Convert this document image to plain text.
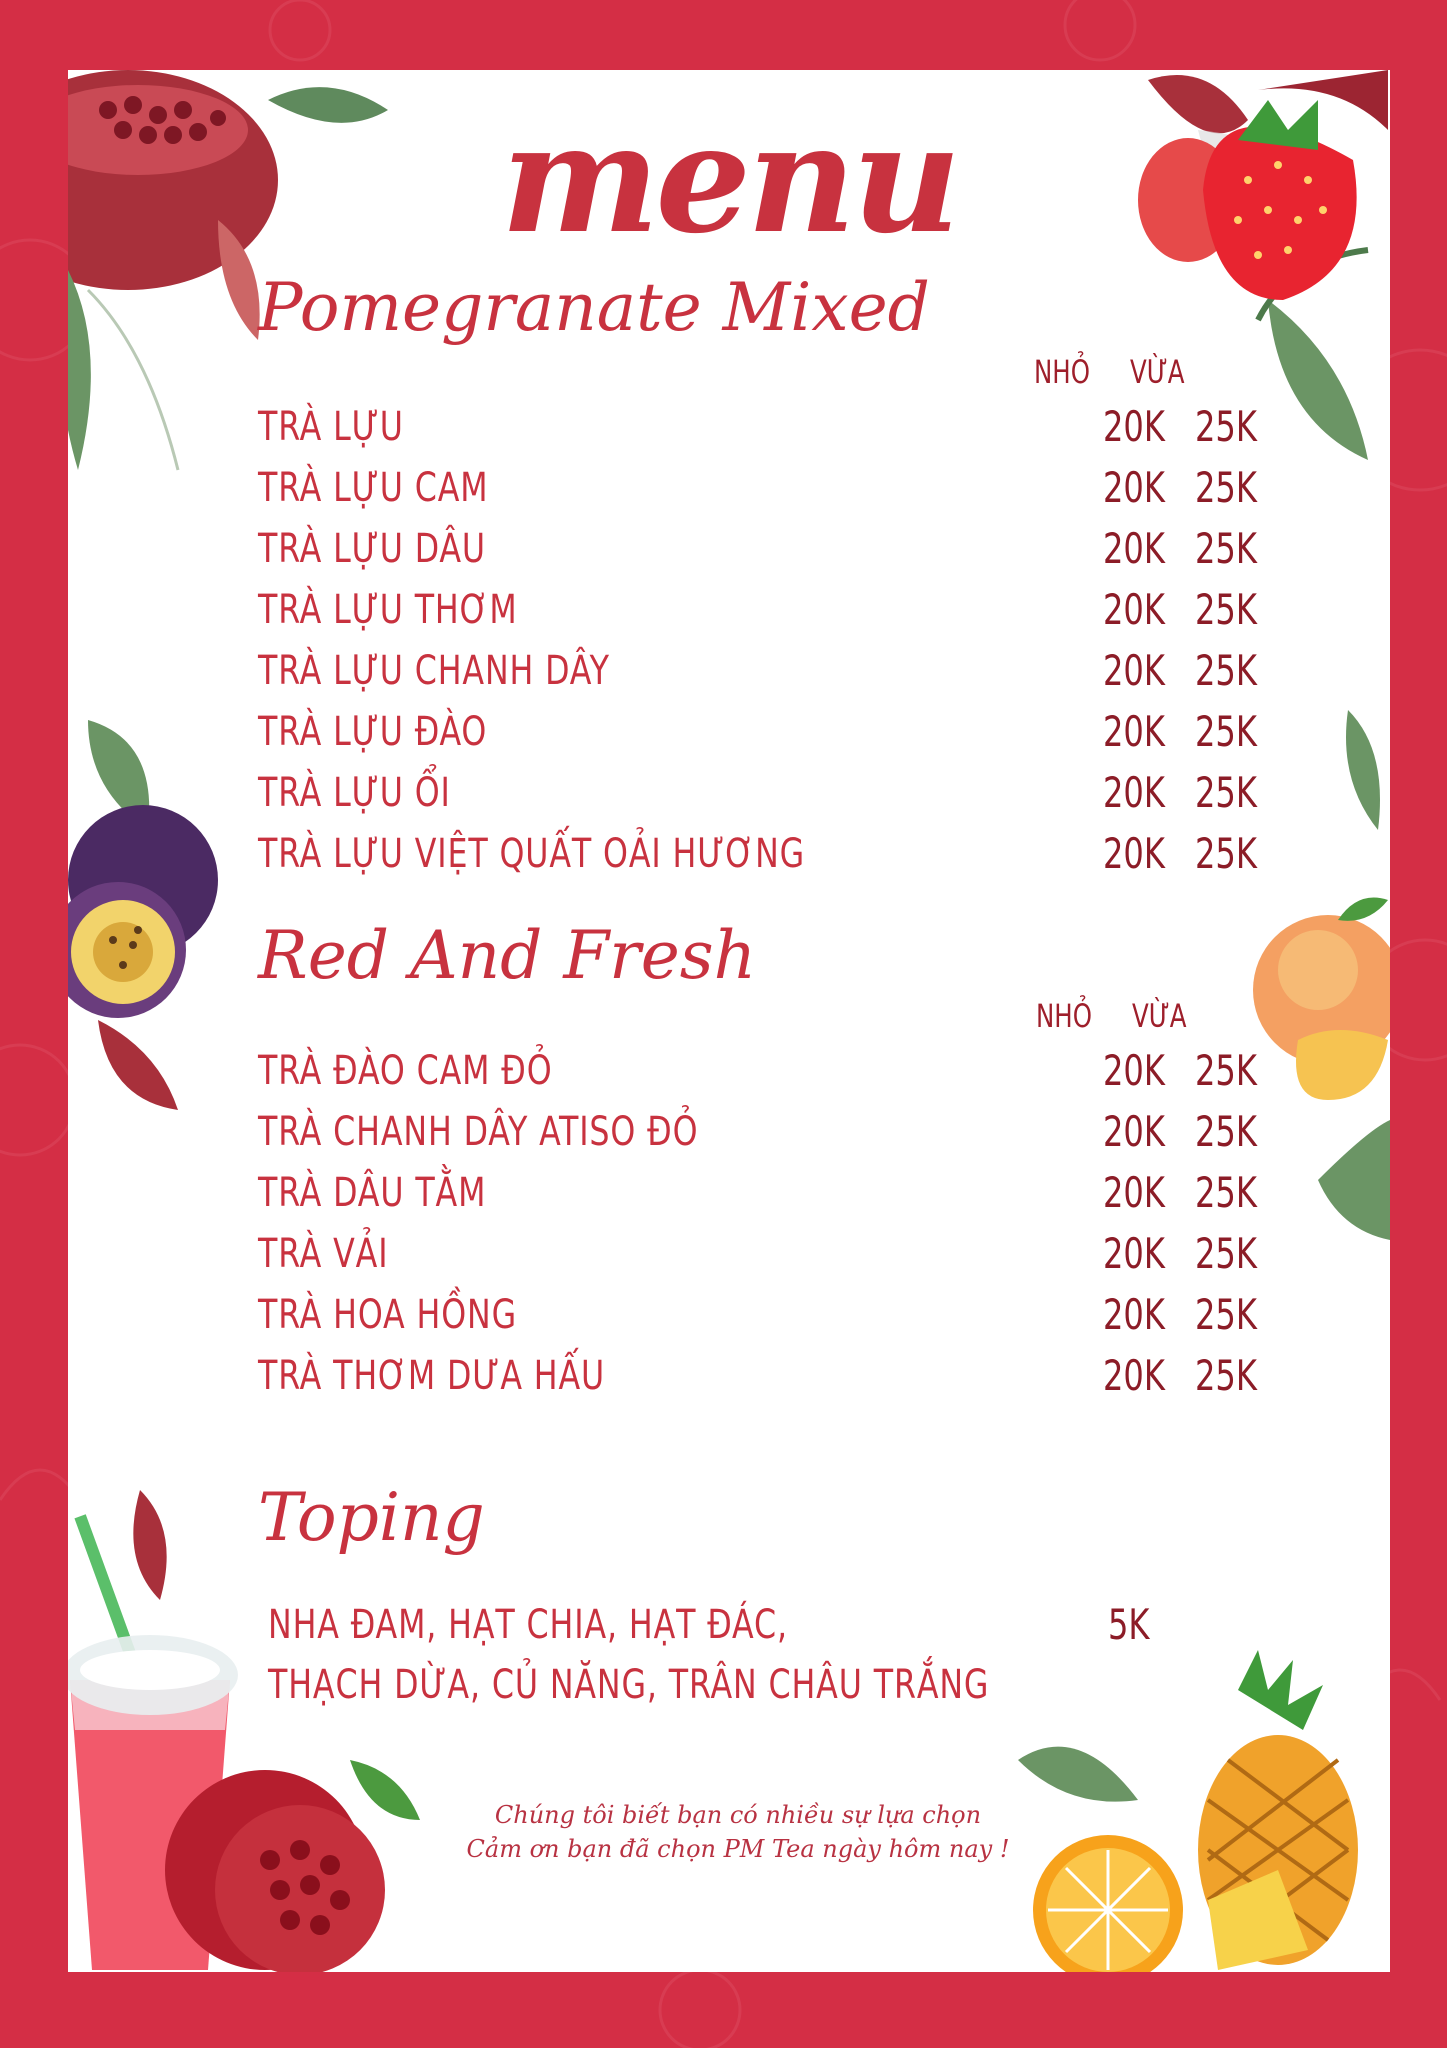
menu
Pomegranate Mixed
NHỎ VỪA
TRÀ LỰU	20K 25K
TRÀ LỰU CAM	20K 25K
TRÀ LỰU DÂU	20K 25K
TRÀ LỰU THƠM	20K 25K
TRÀ LỰU CHANH DÂY	20K 25K
TRÀ LỰU ĐÀO	20K 25K
TRÀ LỰU ỔI	20K 25K
TRÀ LỰU VIỆT QUẤT OẢI HƯƠNG	20K 25K
Red And Fresh
NHỎ VỪA
TRÀ ĐÀO CAM ĐỎ	20K 25K
TRÀ CHANH DÂY ATISO ĐỎ	20K 25K
TRÀ DÂU TẰM	20K 25K
TRÀ VẢI	20K 25K
TRÀ HOA HỒNG	20K 25K
TRÀ THƠM DƯA HẤU	20K 25K
Toping
NHA ĐAM, HẠT CHIA, HẠT ĐÁC,
THẠCH DỪA, CỦ NĂNG, TRÂN CHÂU TRẮNG
5K
Chúng tôi biết bạn có nhiều sự lựa chọn
Cảm ơn bạn đã chọn PM Tea ngày hôm nay !
